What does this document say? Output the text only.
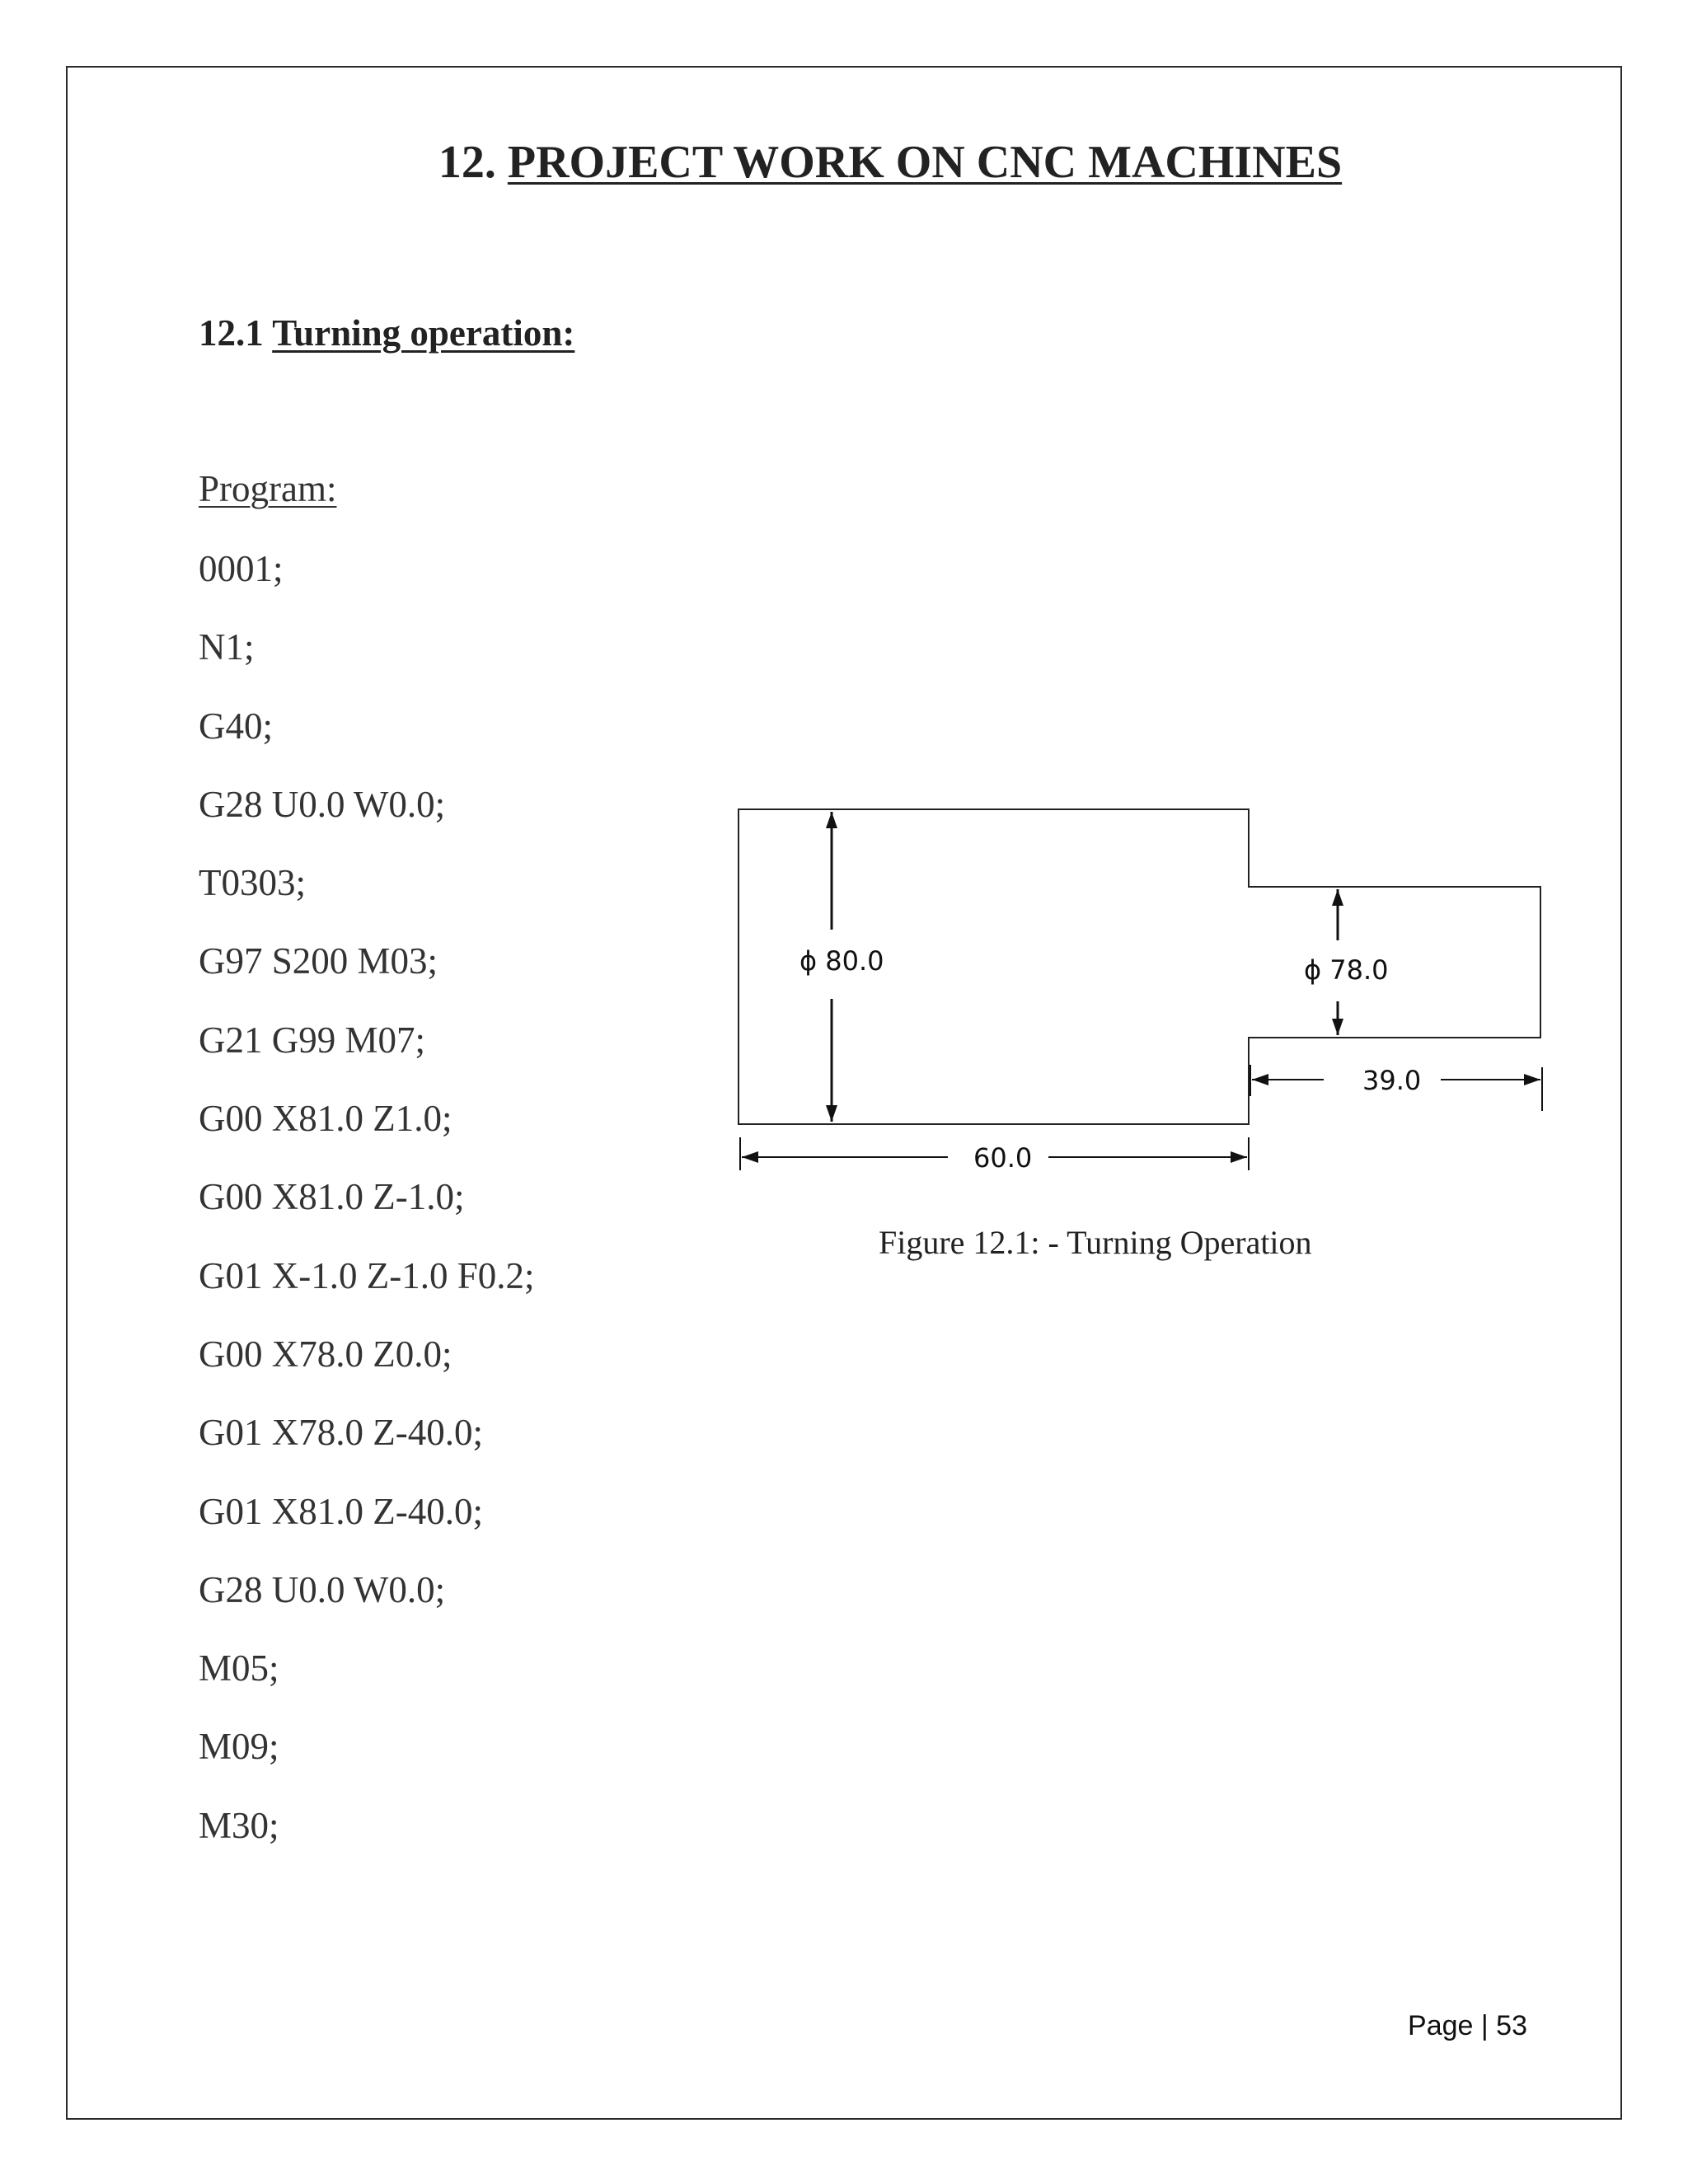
12. PROJECT WORK ON CNC MACHINES
12.1 Turning operation:
Program:
0001;
N1;
G40;
G28 U0.0 W0.0;
T0303;
G97 S200 M03;
G21 G99 M07;
G00 X81.0 Z1.0;
G00 X81.0 Z-1.0;
G01 X-1.0 Z-1.0 F0.2;
G00 X78.0 Z0.0;
G01 X78.0 Z-40.0;
G01 X81.0 Z-40.0;
G28 U0.0 W0.0;
M05;
M09;
M30;
ϕ 80.0	ϕ 78.0
60.0
39.0
Figure 12.1: - Turning Operation
Page | 53
